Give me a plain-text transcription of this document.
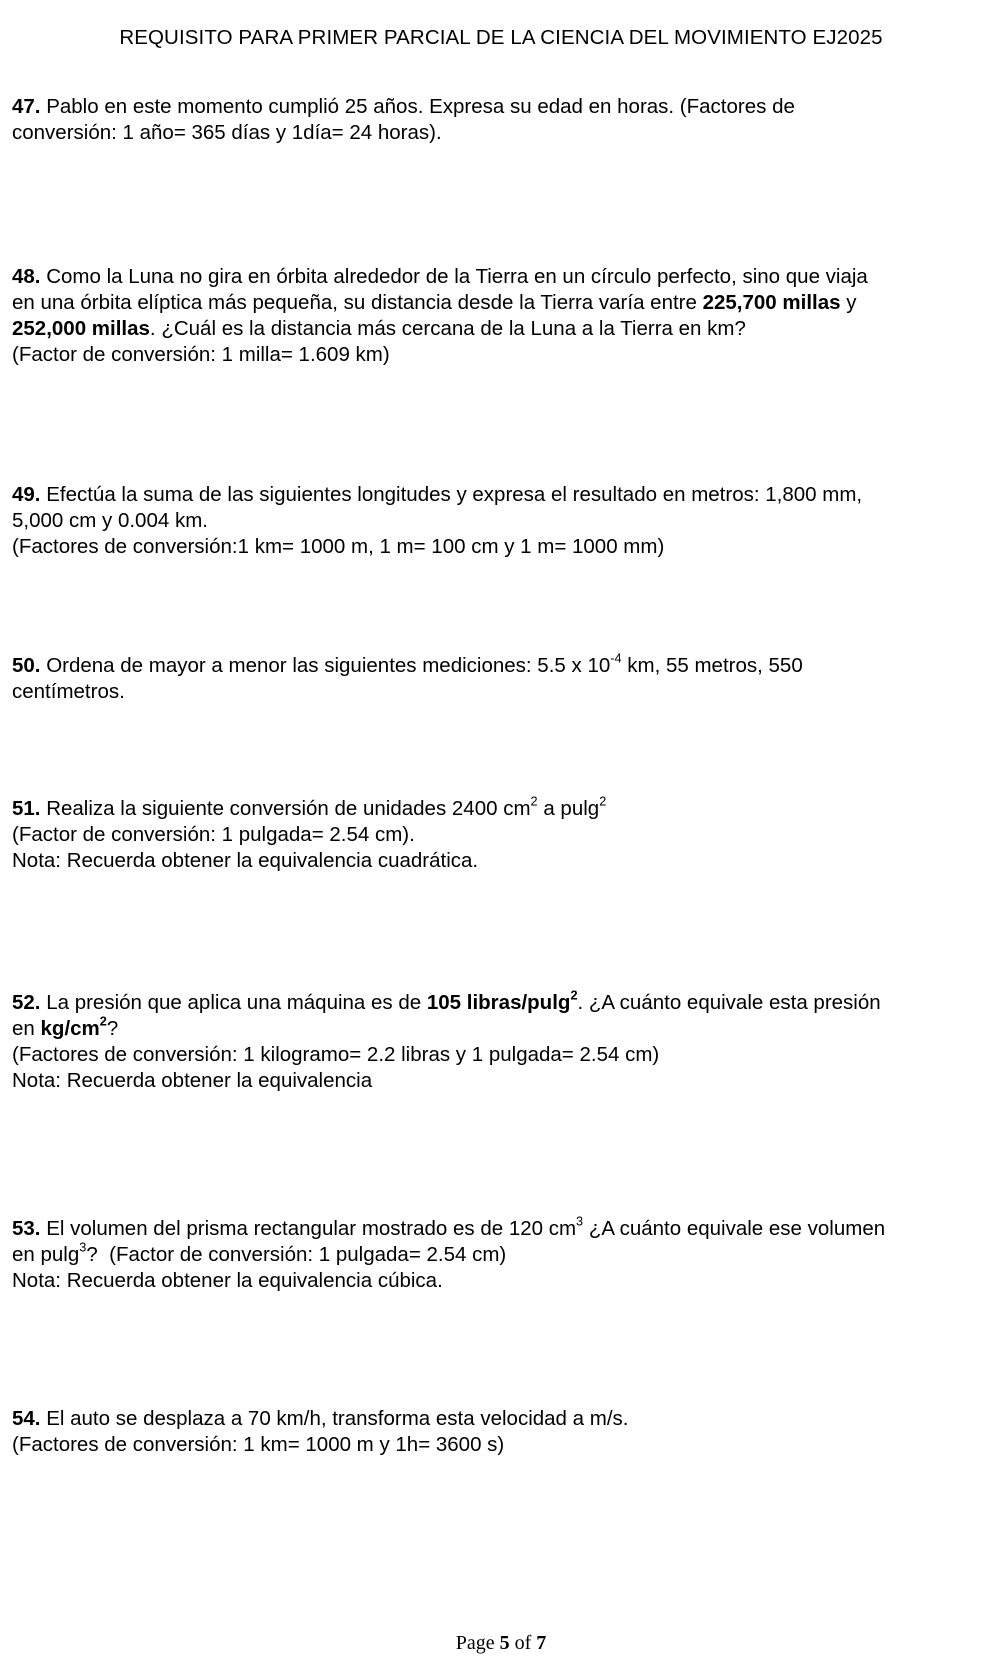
REQUISITO PARA PRIMER PARCIAL DE LA CIENCIA DEL MOVIMIENTO EJ2025
47. Pablo en este momento cumplió 25 años. Expresa su edad en horas. (Factores de
conversión: 1 año= 365 días y 1día= 24 horas).
48. Como la Luna no gira en órbita alrededor de la Tierra en un círculo perfecto, sino que viaja
en una órbita elíptica más pequeña, su distancia desde la Tierra varía entre 225,700 millas y
252,000 millas. ¿Cuál es la distancia más cercana de la Luna a la Tierra en km?
(Factor de conversión: 1 milla= 1.609 km)
49. Efectúa la suma de las siguientes longitudes y expresa el resultado en metros: 1,800 mm,
5,000 cm y 0.004 km.
(Factores de conversión:1 km= 1000 m, 1 m= 100 cm y 1 m= 1000 mm)
50. Ordena de mayor a menor las siguientes mediciones: 5.5 x $10^{-4}$ km, 55 metros, 550
centímetros.
51. Realiza la siguiente conversión de unidades 2400 $cm^2$ a pulg$^2$
(Factor de conversión: 1 pulgada= 2.54 cm).
Nota: Recuerda obtener la equivalencia cuadrática.
52. La presión que aplica una máquina es de 105 libras/pulg$^2$. ¿A cuánto equivale esta presión
en $kg/cm^2$?
(Factores de conversión: 1 kilogramo= 2.2 libras y 1 pulgada= 2.54 cm)
Nota: Recuerda obtener la equivalencia
53. El volumen del prisma rectangular mostrado es de 120 $cm^3$ ¿A cuánto equivale ese volumen
en pulg$^3$?  (Factor de conversión: 1 pulgada= 2.54 cm)
Nota: Recuerda obtener la equivalencia cúbica.
54. El auto se desplaza a 70 km/h, transforma esta velocidad a m/s.
(Factores de conversión: 1 km= 1000 m y 1h= 3600 s)
Page 5 of 7
